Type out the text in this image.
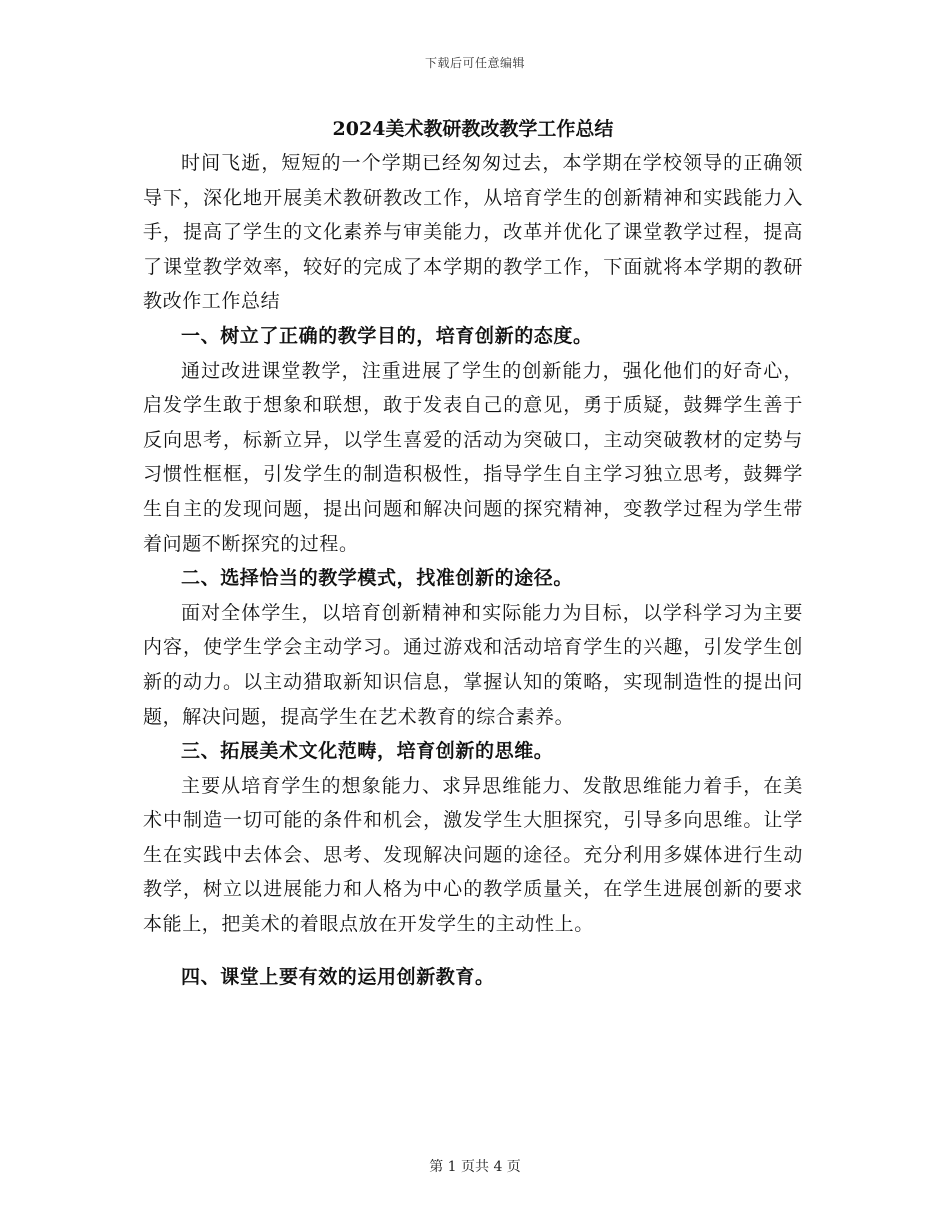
下载后可任意编辑
2024美术教研教改教学工作总结

时间飞逝，短短的一个学期已经匆匆过去，本学期在学校领导的正确领导下，深化地开展美术教研教改工作，从培育学生的创新精神和实践能力入手，提高了学生的文化素养与审美能力，改革并优化了课堂教学过程，提高了课堂教学效率，较好的完成了本学期的教学工作，下面就将本学期的教研教改作工作总结

一、树立了正确的教学目的，培育创新的态度。

通过改进课堂教学，注重进展了学生的创新能力，强化他们的好奇心，启发学生敢于想象和联想，敢于发表自己的意见，勇于质疑，鼓舞学生善于反向思考，标新立异，以学生喜爱的活动为突破口，主动突破教材的定势与习惯性框框，引发学生的制造积极性，指导学生自主学习独立思考，鼓舞学生自主的发现问题，提出问题和解决问题的探究精神，变教学过程为学生带着问题不断探究的过程。

二、选择恰当的教学模式，找准创新的途径。

面对全体学生，以培育创新精神和实际能力为目标，以学科学习为主要内容，使学生学会主动学习。通过游戏和活动培育学生的兴趣，引发学生创新的动力。以主动猎取新知识信息，掌握认知的策略，实现制造性的提出问题，解决问题，提高学生在艺术教育的综合素养。

三、拓展美术文化范畴，培育创新的思维。

主要从培育学生的想象能力、求异思维能力、发散思维能力着手，在美术中制造一切可能的条件和机会，激发学生大胆探究，引导多向思维。让学生在实践中去体会、思考、发现解决问题的途径。充分利用多媒体进行生动教学，树立以进展能力和人格为中心的教学质量关，在学生进展创新的要求本能上，把美术的着眼点放在开发学生的主动性上。

四、课堂上要有效的运用创新教育。

第 1 页共 4 页
